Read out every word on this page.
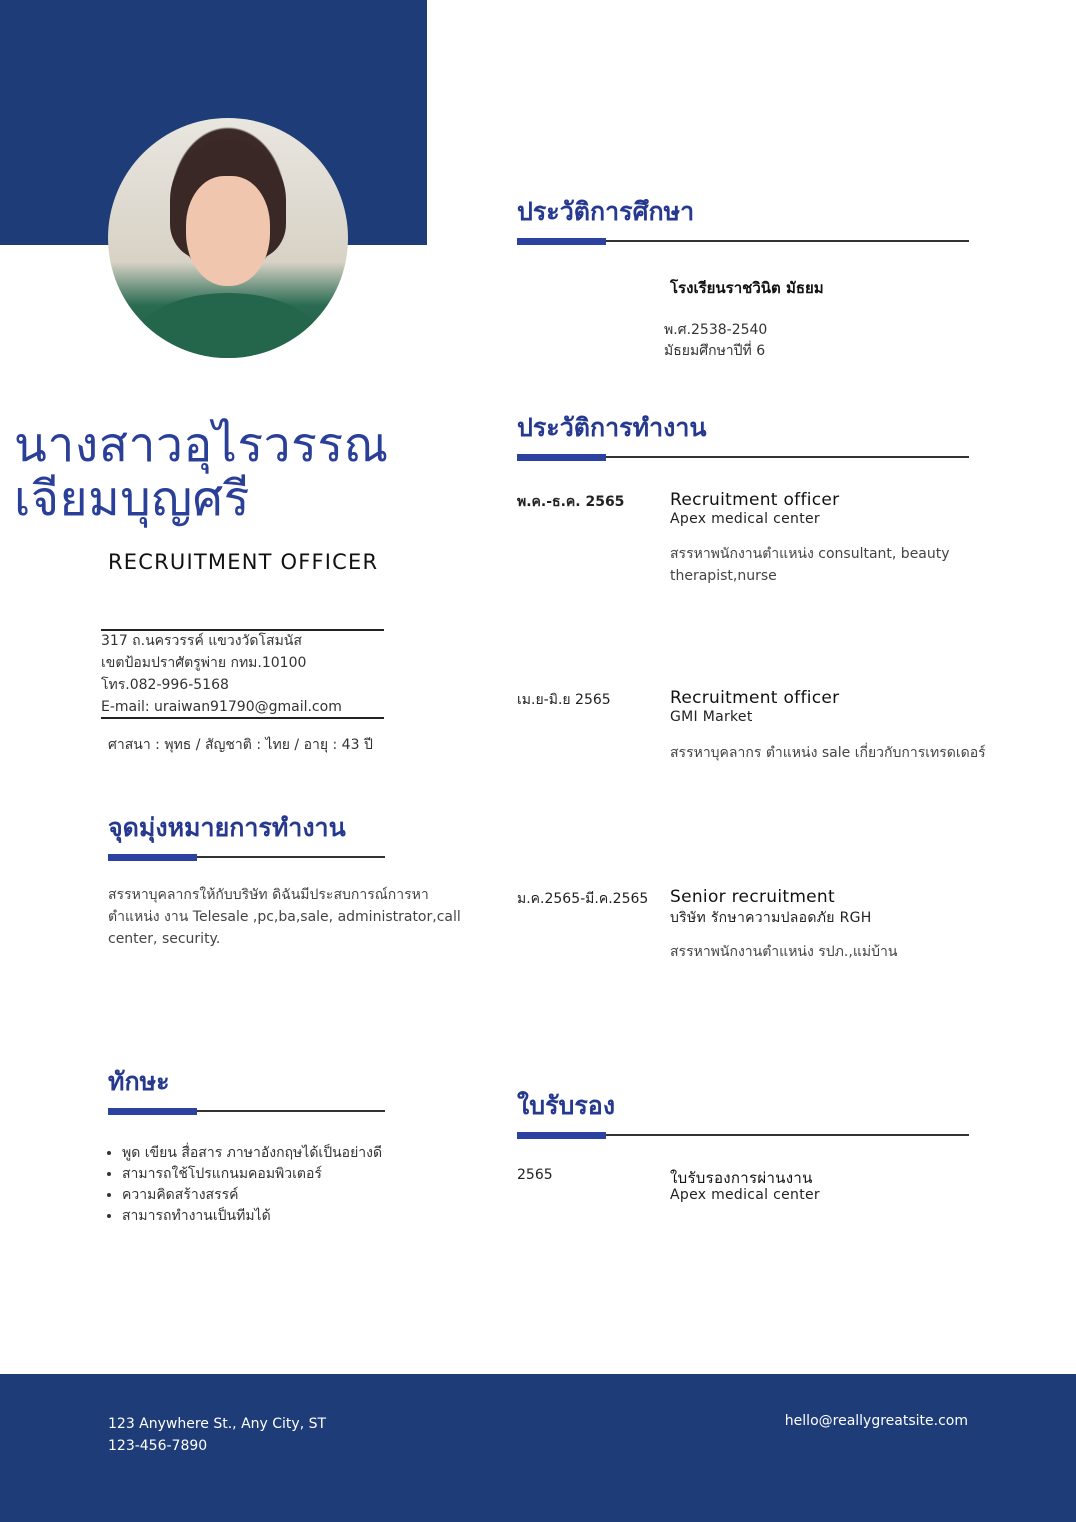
นางสาวอุไรวรรณ
เจียมบุญศรี
RECRUITMENT OFFICER
317 ถ.นครวรรค์ แขวงวัดโสมนัส
เขตป้อมปราศัตรูพ่าย กทม.10100
โทร.082-996-5168
E-mail: uraiwan91790@gmail.com
ศาสนา : พุทธ / สัญชาติ : ไทย / อายุ : 43 ปี
จุดมุ่งหมายการทำงาน
สรรหาบุคลากรให้กับบริษัท ดิฉันมีประสบการณ์การหา
ตำแหน่ง งาน Telesale ,pc,ba,sale, administrator,call
center, security.
ทักษะ
• พูด เขียน สื่อสาร ภาษาอังกฤษได้เป็นอย่างดี
• สามารถใช้โปรแกนมคอมพิวเตอร์
• ความคิดสร้างสรรค์
• สามารถทำงานเป็นทีมได้
ประวัติการศึกษา
โรงเรียนราชวินิต มัธยม
พ.ศ.2538-2540
มัธยมศึกษาปีที่ 6
ประวัติการทำงาน
พ.ค.-ธ.ค. 2565	Recruitment officer
Apex medical center
สรรหาพนักงานตำแหน่ง consultant, beauty
therapist,nurse
เม.ย-มิ.ย 2565	Recruitment officer
GMI Market
สรรหาบุคลากร ตำแหน่ง sale เกี่ยวกับการเทรดเดอร์
ม.ค.2565-มี.ค.2565 Senior recruitment
บริษัท รักษาความปลอดภัย RGH
สรรหาพนักงานตำแหน่ง รปภ.,แม่บ้าน
ใบรับรอง
2565	ใบรับรองการผ่านงาน
Apex medical center
123 Anywhere St., Any City, ST
123-456-7890
hello@reallygreatsite.com
